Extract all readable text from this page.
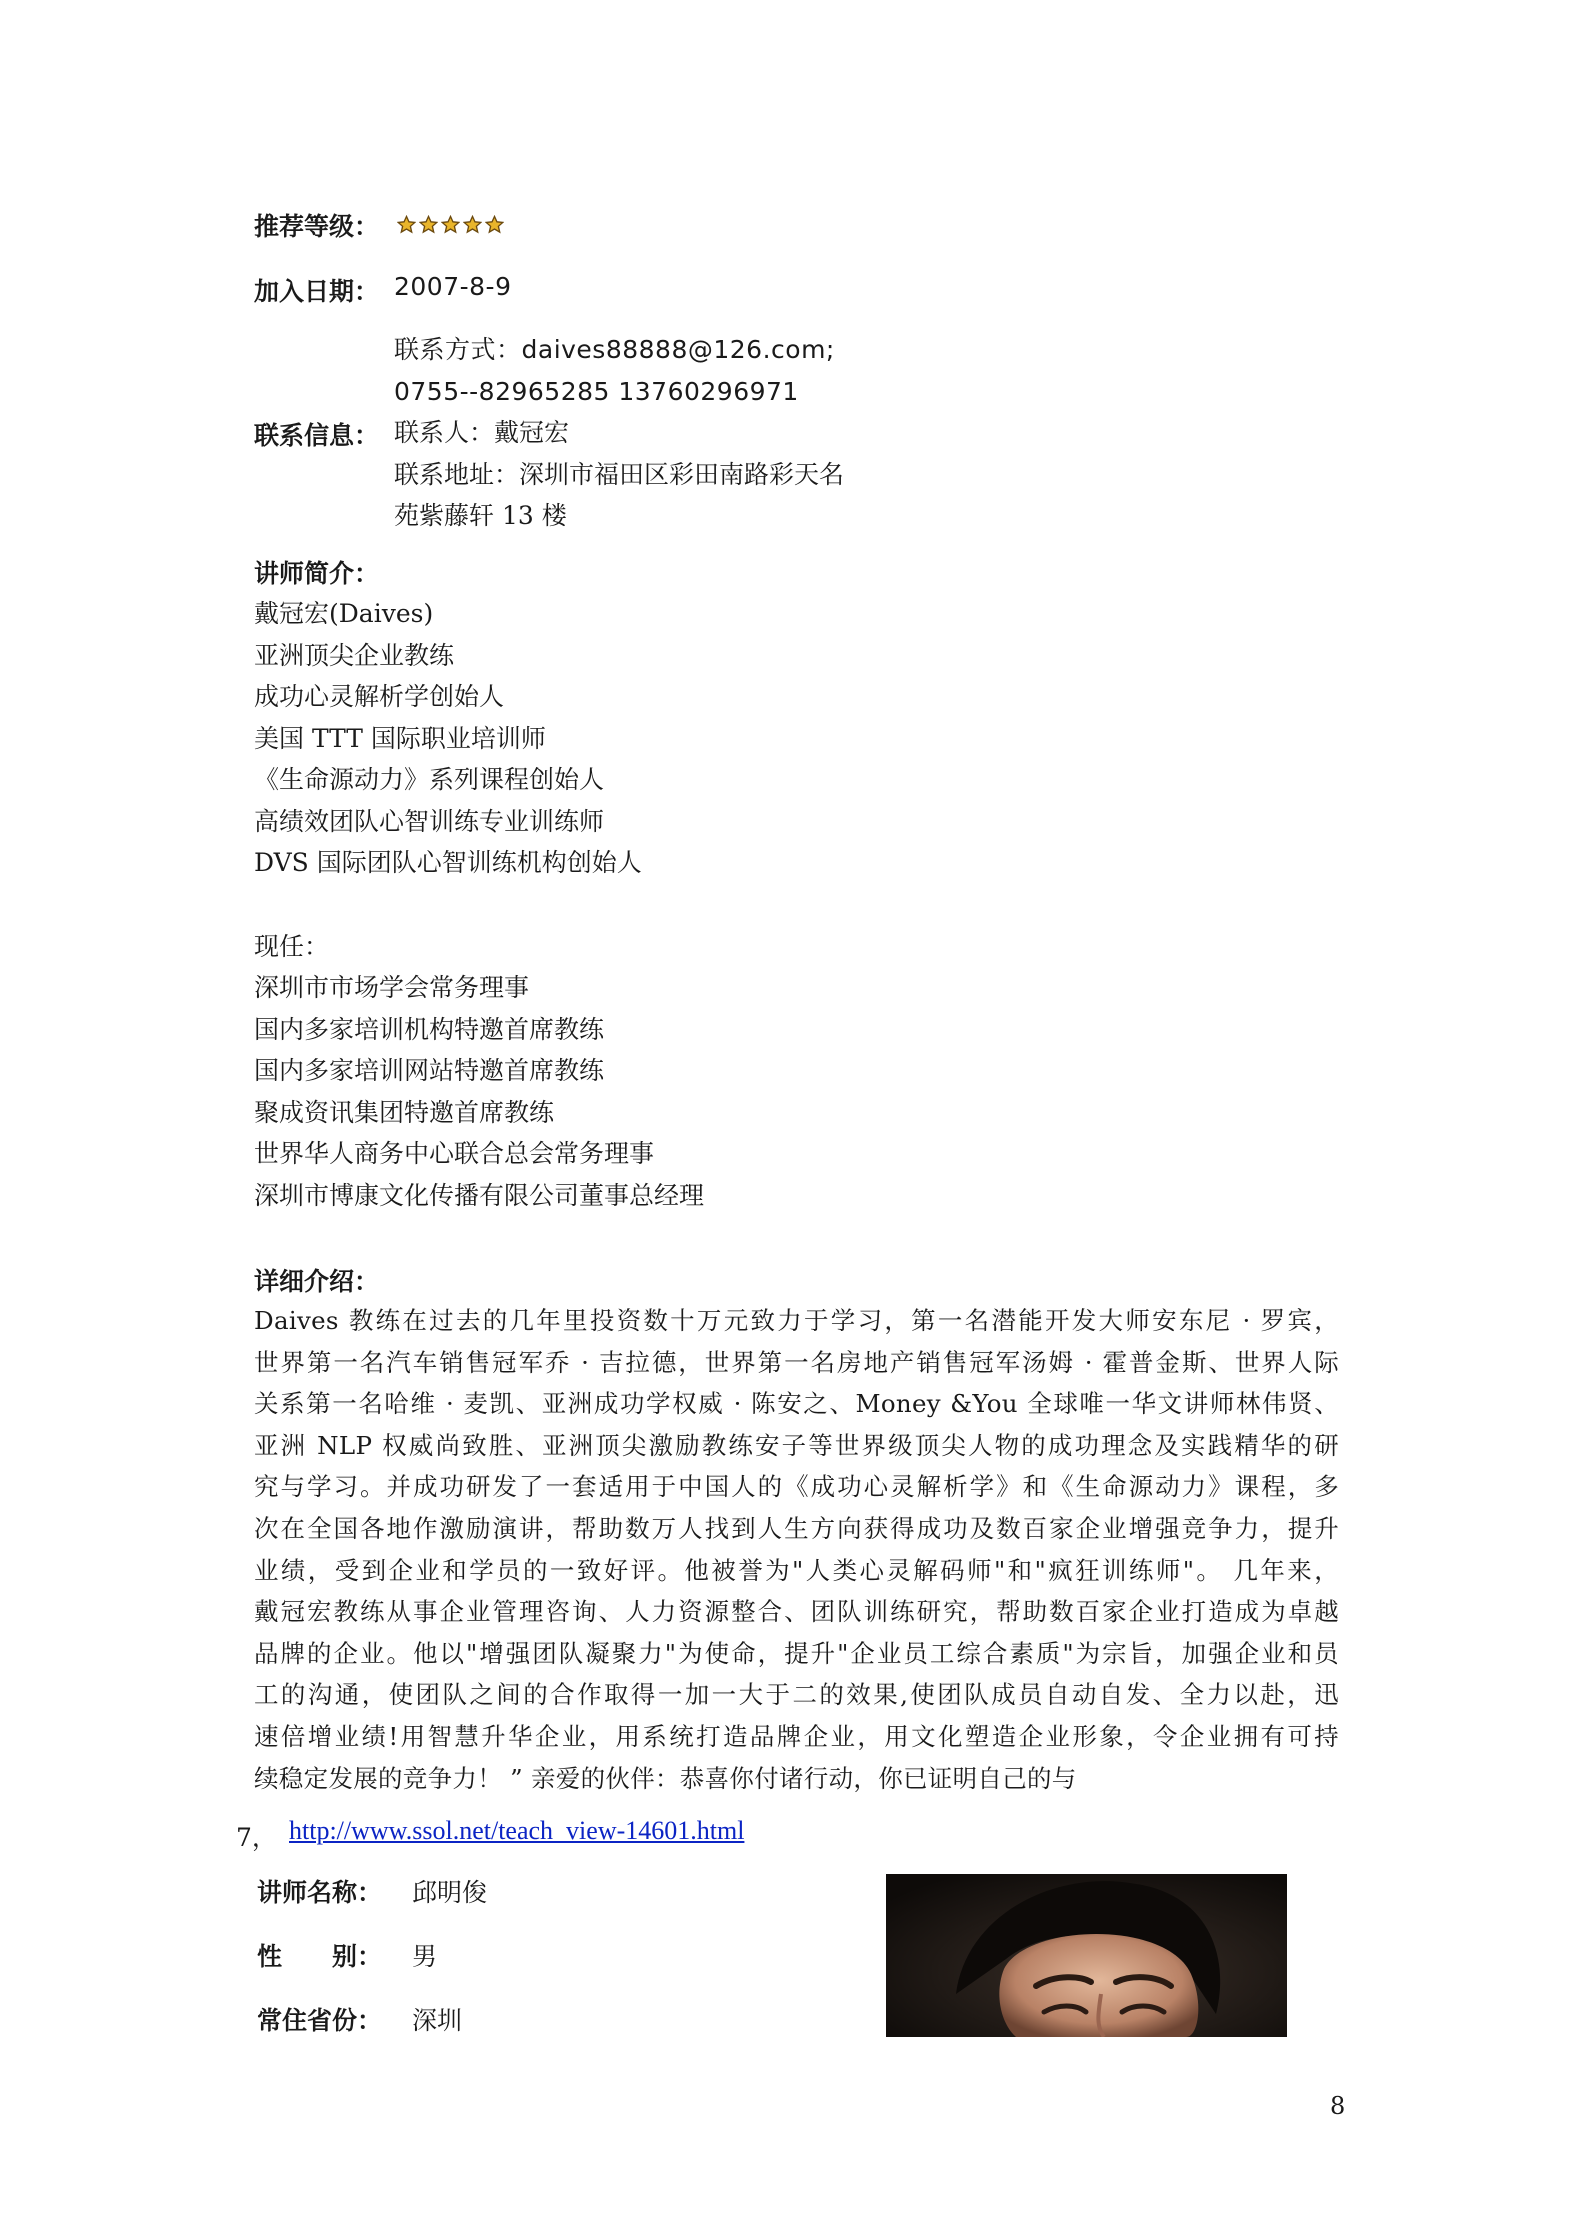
推荐等级：
加入日期： 2007-8-9
联系方式：daives88888@126.com;
0755--82965285 13760296971
联系人：戴冠宏
联系地址：深圳市福田区彩田南路彩天名
苑紫藤轩 13 楼
联系信息：
讲师简介：
戴冠宏(Daives)
亚洲顶尖企业教练
成功心灵解析学创始人
美国 TTT 国际职业培训师
《生命源动力》系列课程创始人
高绩效团队心智训练专业训练师
DVS 国际团队心智训练机构创始人
现任：
深圳市市场学会常务理事
国内多家培训机构特邀首席教练
国内多家培训网站特邀首席教练
聚成资讯集团特邀首席教练
世界华人商务中心联合总会常务理事
深圳市博康文化传播有限公司董事总经理
详细介绍：
Daives 教练在过去的几年里投资数十万元致力于学习，第一名潜能开发大师安东尼 · 罗宾，
世界第一名汽车销售冠军乔 · 吉拉德，世界第一名房地产销售冠军汤姆 · 霍普金斯、世界人际
关系第一名哈维 · 麦凯、亚洲成功学权威 · 陈安之、Money &You 全球唯一华文讲师林伟贤、
亚洲 NLP 权威尚致胜、亚洲顶尖激励教练安子等世界级顶尖人物的成功理念及实践精华的研
究与学习。并成功研发了一套适用于中国人的《成功心灵解析学》和《生命源动力》课程，多
次在全国各地作激励演讲，帮助数万人找到人生方向获得成功及数百家企业增强竞争力，提升
业绩，受到企业和学员的一致好评。他被誉为"人类心灵解码师"和"疯狂训练师"。 几年来，
戴冠宏教练从事企业管理咨询、人力资源整合、团队训练研究，帮助数百家企业打造成为卓越
品牌的企业。他以"增强团队凝聚力"为使命，提升"企业员工综合素质"为宗旨，加强企业和员
工的沟通，使团队之间的合作取得一加一大于二的效果,使团队成员自动自发、全力以赴，迅
速倍增业绩!用智慧升华企业，用系统打造品牌企业，用文化塑造企业形象，令企业拥有可持
续稳定发展的竞争力！ ” 亲爱的伙伴：恭喜你付诸行动，你已证明自己的与
7， http://www.ssol.net/teach_view-14601.html
讲师名称： 邱明俊
性　　别： 男
常住省份： 深圳
8
